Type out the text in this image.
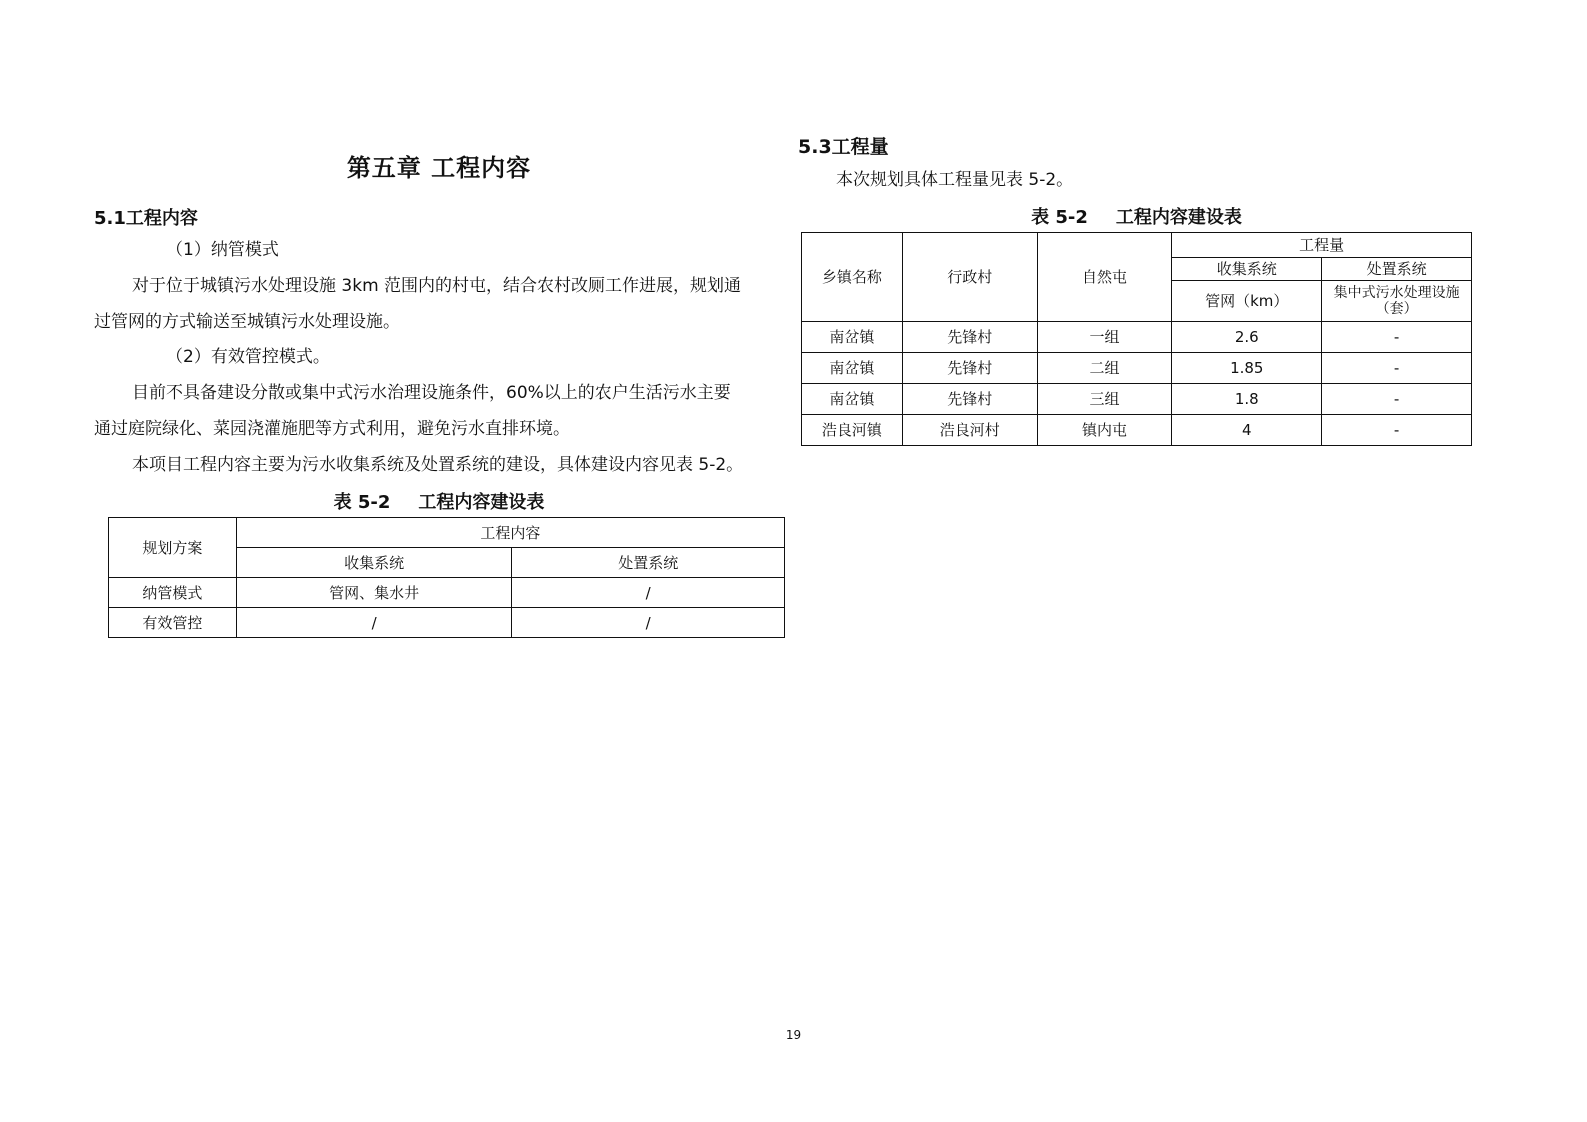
第五章 工程内容
5.1工程内容
（1）纳管模式
对于位于城镇污水处理设施 3km 范围内的村屯，结合农村改厕工作进展，规划通
过管网的方式输送至城镇污水处理设施。
（2）有效管控模式。
目前不具备建设分散或集中式污水治理设施条件，60%以上的农户生活污水主要
通过庭院绿化、菜园浇灌施肥等方式利用，避免污水直排环境。
本项目工程内容主要为污水收集系统及处置系统的建设，具体建设内容见表 5-2。
表 5-2 工程内容建设表
规划方案	工程内容	
	收集系统	处置系统
纳管模式	管网、集水井	/
有效管控	/	/
5.3工程量
本次规划具体工程量见表 5-2。
表 5-2 工程内容建设表
乡镇名称	行政村	自然屯	工程量	
			收集系统	处置系统
			管网（km）	集中式污水处理设施（套）
南岔镇	先锋村	一组	2.6	-
南岔镇	先锋村	二组	1.85	-
南岔镇	先锋村	三组	1.8	-
浩良河镇	浩良河村	镇内屯	4	-
19
